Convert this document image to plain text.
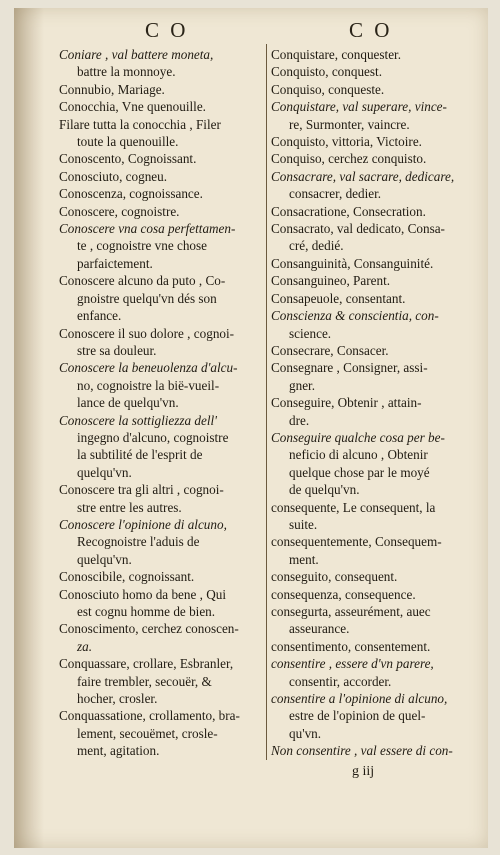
C O	C O
Coniare , val battere moneta,
battre la monnoye.
Connubio, Mariage.
Conocchia, Vne quenouille.
Filare tutta la conocchia , Filer
toute la quenouille.
Conoscento, Cognoissant.
Conosciuto, cogneu.
Conoscenza, cognoissance.
Conoscere, cognoistre.
Conoscere vna cosa perfettamen-
te , cognoistre vne chose
parfaictement.
Conoscere alcuno da puto , Co-
gnoistre quelqu'vn dés son
enfance.
Conoscere il suo dolore , cognoi-
stre sa douleur.
Conoscere la beneuolenza d'alcu-
no, cognoistre la bië-vueil-
lance de quelqu'vn.
Conoscere la sottigliezza dell'
ingegno d'alcuno, cognoistre
la subtilité de l'esprit de
quelqu'vn.
Conoscere tra gli altri , cognoi-
stre entre les autres.
Conoscere l'opinione di alcuno,
Recognoistre l'aduis de
quelqu'vn.
Conoscibile, cognoissant.
Conosciuto homo da bene , Qui
est cognu homme de bien.
Conoscimento, cerchez conoscen-
za.
Conquassare, crollare, Esbranler,
faire trembler, secouër, &
hocher, crosler.
Conquassatione, crollamento, bra-
lement, secouëmet, crosle-
ment, agitation.
Conquistare, conquester.
Conquisto, conquest.
Conquiso, conqueste.
Conquistare, val superare, vince-
re, Surmonter, vaincre.
Conquisto, vittoria, Victoire.
Conquiso, cerchez conquisto.
Consacrare, val sacrare, dedicare,
consacrer, dedier.
Consacratione, Consecration.
Consacrato, val dedicato, Consa-
cré, dedié.
Consanguinità, Consanguinité.
Consanguineo, Parent.
Consapeuole, consentant.
Conscienza & conscientia, con-
science.
Consecrare, Consacer.
Consegnare , Consigner, assi-
gner.
Conseguire, Obtenir , attain-
dre.
Conseguire qualche cosa per be-
neficio di alcuno , Obtenir
quelque chose par le moyé
de quelqu'vn.
consequente, Le consequent, la
suite.
consequentemente, Consequem-
ment.
conseguito, consequent.
consequenza, consequence.
consegurta, asseurément, auec
asseurance.
consentimento, consentement.
consentire , essere d'vn parere,
consentir, accorder.
consentire a l'opinione di alcuno,
estre de l'opinion de quel-
qu'vn.
Non consentire , val essere di con-
g iij
